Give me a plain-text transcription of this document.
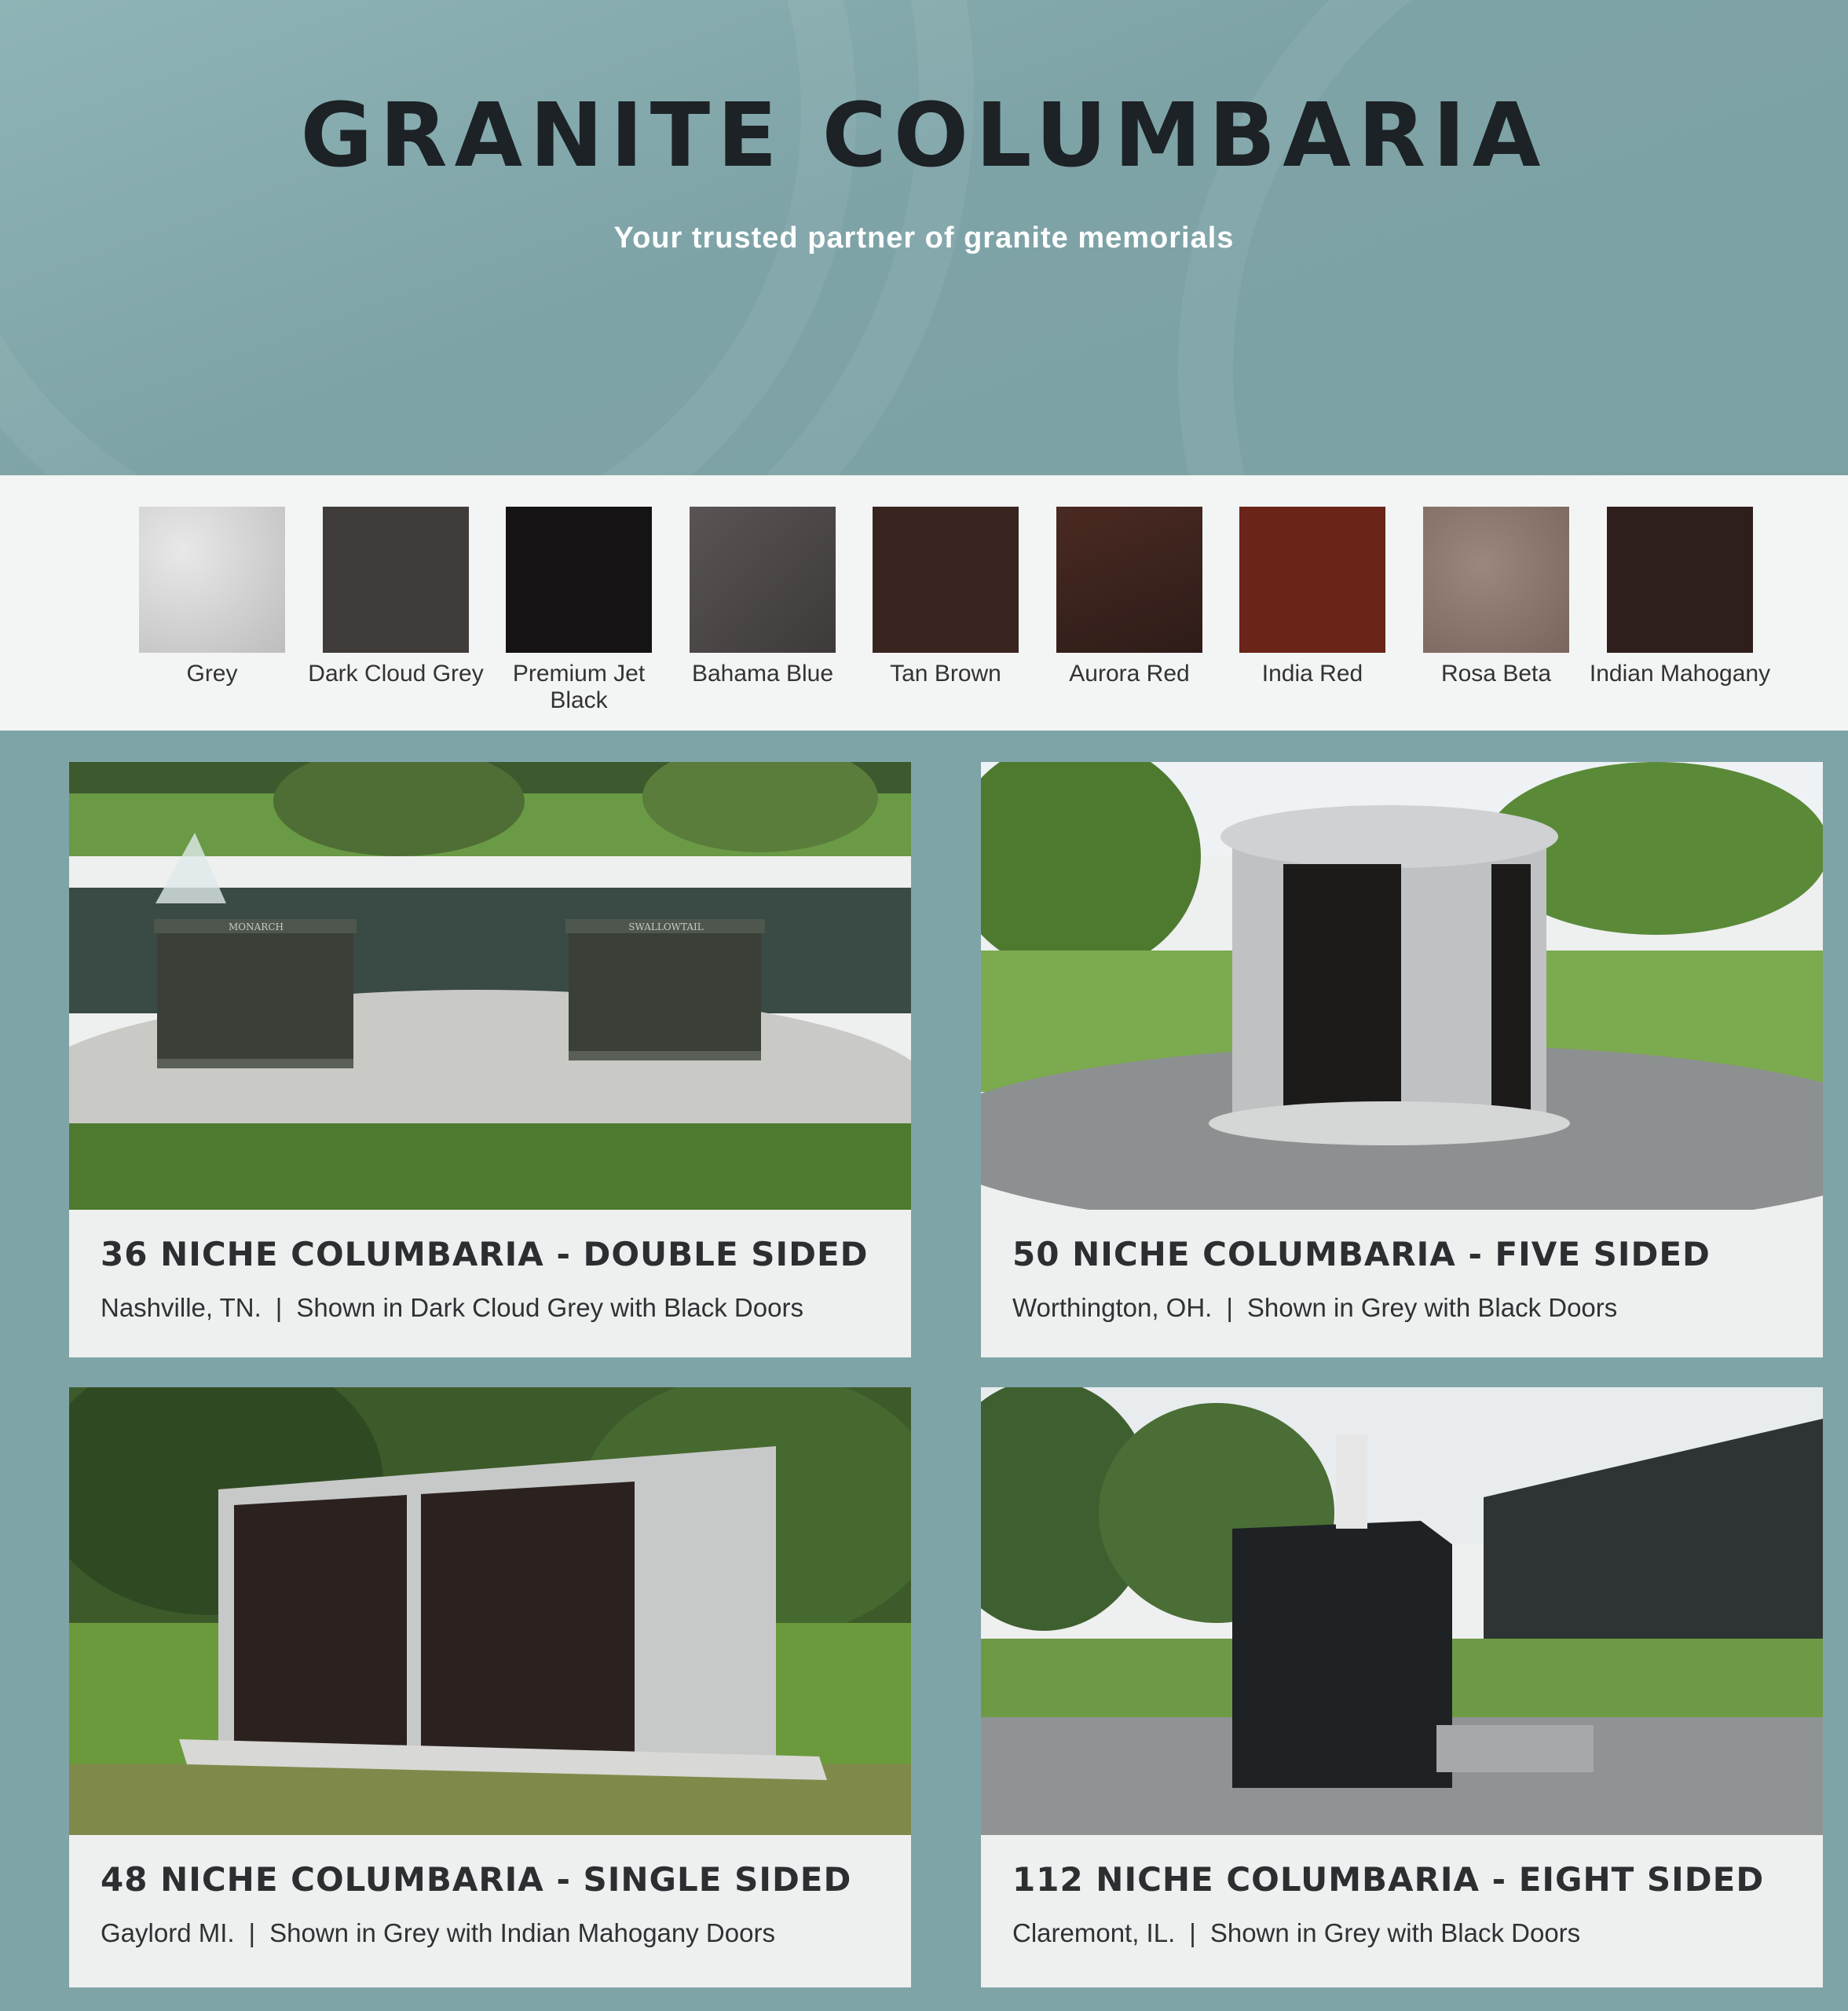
GRANITE COLUMBARIA
Your trusted partner of granite memorials
Grey	Dark Cloud Grey	Premium Jet Black
Bahama Blue	Tan Brown	Aurora Red	India Red	Rosa Beta	Indian Mahogany
MONARCH	SWALLOWTAIL
36 NICHE COLUMBARIA - DOUBLE SIDED
Nashville, TN. | Shown in Dark Cloud Grey with Black Doors
50 NICHE COLUMBARIA - FIVE SIDED
Worthington, OH. | Shown in Grey with Black Doors
48 NICHE COLUMBARIA - SINGLE SIDED
Gaylord MI. | Shown in Grey with Indian Mahogany Doors
112 NICHE COLUMBARIA - EIGHT SIDED
Claremont, IL. | Shown in Grey with Black Doors
